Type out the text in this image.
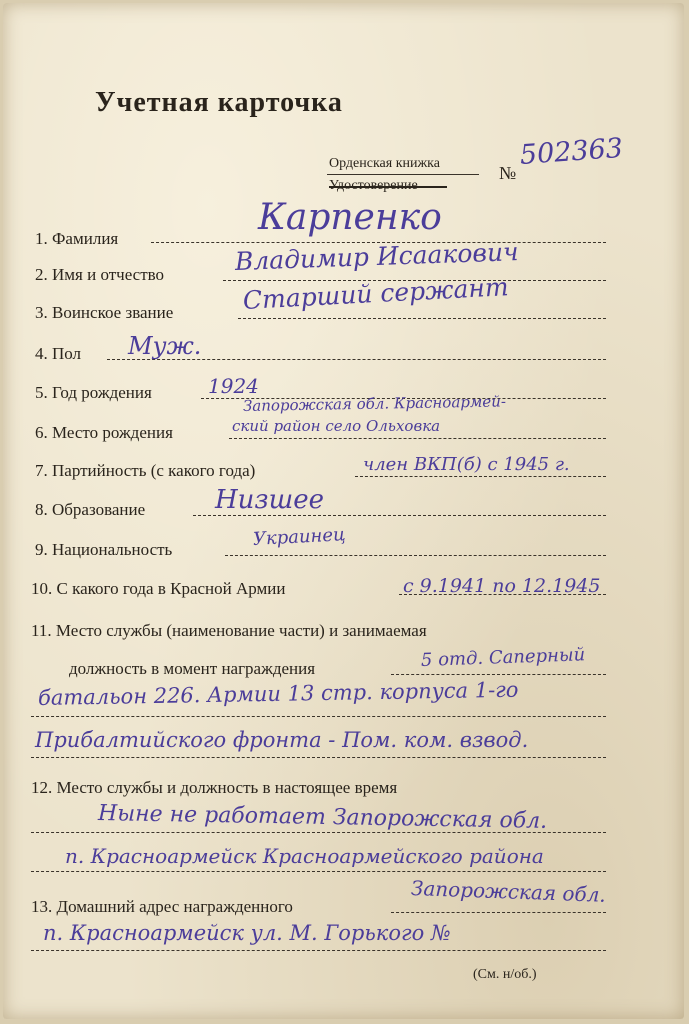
Учетная карточка
Орденская книжка
Удостоверение
№
502363
1. Фамилия
Карпенко
2. Имя и отчество	Владимир Исаакович
3. Воинское звание	Старший сержант
4. Пол Муж.
5. Год рождения	1924
6. Место рождения
Запорожская обл. Красноармей-
ский район село Ольховка
7. Партийность (с какого года)	член ВКП(б) с 1945 г.
8. Образование	Низшее
9. Национальность	Украинец
10. С какого года в Красной Армии	с 9.1941 по 12.1945
11. Место службы (наименование части) и занимаемая
должность в момент награждения	5 отд. Саперный
батальон 226. Армии 13 стр. корпуса 1-го
Прибалтийского фронта - Пом. ком. взвод.
12. Место службы и должность в настоящее время
Ныне не работает Запорожская обл.
п. Красноармейск Красноармейского района
13. Домашний адрес награжденного	Запорожская обл.
п. Красноармейск ул. М. Горького №
(См. н/об.)
